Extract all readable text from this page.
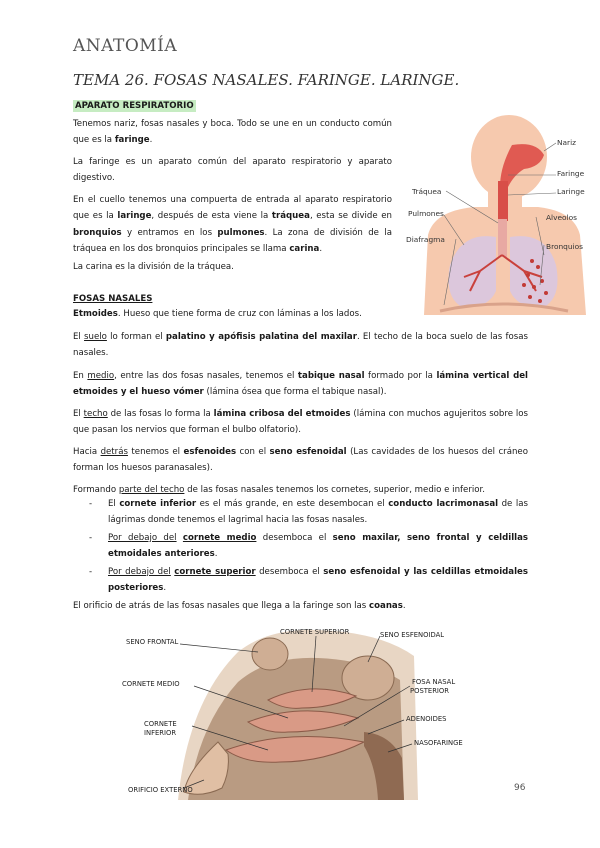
ANATOMÍA
TEMA 26. FOSAS NASALES. FARINGE. LARINGE.
APARATO RESPIRATORIO

Tenemos nariz, fosas nasales y boca. Todo se une en un conducto común que es la faringe.

La faringe es un aparato común del aparato respiratorio y aparato digestivo.

En el cuello tenemos una compuerta de entrada al aparato respiratorio que es la laringe, después de esta viene la tráquea, esta se divide en bronquios y entramos en los pulmones. La zona de división de la tráquea en los dos bronquios principales se llama carina.

La carina es la división de la tráquea.

Nariz
Faringe
Laringe
Tráquea
Pulmones	Alveolos
Diafragma
Bronquios
FOSAS NASALES

Etmoides. Hueso que tiene forma de cruz con láminas a los lados.

El suelo lo forman el palatino y apófisis palatina del maxilar. El techo de la boca suelo de las fosas nasales.

En medio, entre las dos fosas nasales, tenemos el tabique nasal formado por la lámina vertical del etmoides y el hueso vómer (lámina ósea que forma el tabique nasal).

El techo de las fosas lo forma la lámina cribosa del etmoides (lámina con muchos agujeritos sobre los que pasan los nervios que forman el bulbo olfatorio).

Hacia detrás tenemos el esfenoides con el seno esfenoidal (Las cavidades de los huesos del cráneo forman los huesos paranasales).

Formando parte del techo de las fosas nasales tenemos los cornetes, superior, medio e inferior.

- El cornete inferior es el más grande, en este desembocan el conducto lacrimonasal de las lágrimas donde tenemos el lagrimal hacia las fosas nasales.
- Por debajo del cornete medio desemboca el seno maxilar, seno frontal y celdillas etmoidales anteriores.
- Por debajo del cornete superior desemboca el seno esfenoidal y las celdillas etmoidales posteriores.

El orificio de atrás de las fosas nasales que llega a la faringe son las coanas.

SENO FRONTAL
CORNETE SUPERIOR	SENO ESFENOIDAL
CORNETE MEDIO	FOSA NASAL
POSTERIOR
ADENOIDES
CORNETE
INFERIOR
NASOFARINGE
ORIFICIO EXTERNO	96
